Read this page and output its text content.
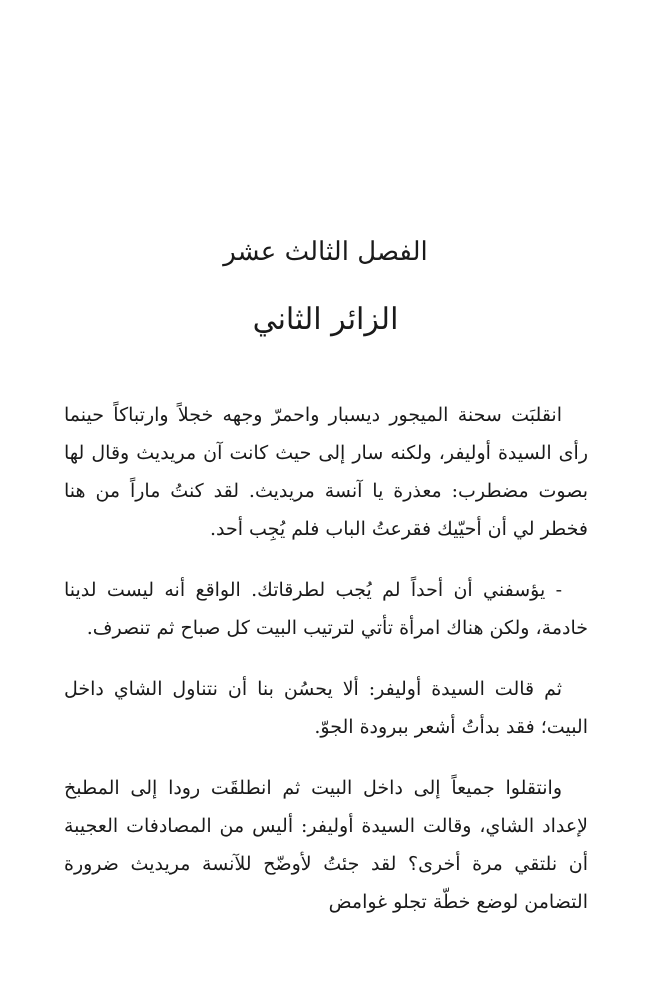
الفصل الثالث عشر
الزائر الثاني

انقلبَت سحنة الميجور ديسبار واحمرّ وجهه خجلاً وارتباكاً حينما رأى السيدة أوليفر، ولكنه سار إلى حيث كانت آن مريديث وقال لها بصوت مضطرب: معذرة يا آنسة مريديث. لقد كنتُ ماراً من هنا فخطر لي أن أحيّيك فقرعتُ الباب فلم يُجِب أحد.

- يؤسفني أن أحداً لم يُجب لطرقاتك. الواقع أنه ليست لدينا خادمة، ولكن هناك امرأة تأتي لترتيب البيت كل صباح ثم تنصرف.

ثم قالت السيدة أوليفر: ألا يحسُن بنا أن نتناول الشاي داخل البيت؛ فقد بدأتُ أشعر ببرودة الجوّ.

وانتقلوا جميعاً إلى داخل البيت ثم انطلقَت رودا إلى المطبخ لإعداد الشاي، وقالت السيدة أوليفر: أليس من المصادفات العجيبة أن نلتقي مرة أخرى؟ لقد جئتُ لأوضّح للآنسة مريديث ضرورة التضامن لوضع خطّة تجلو غوامض
